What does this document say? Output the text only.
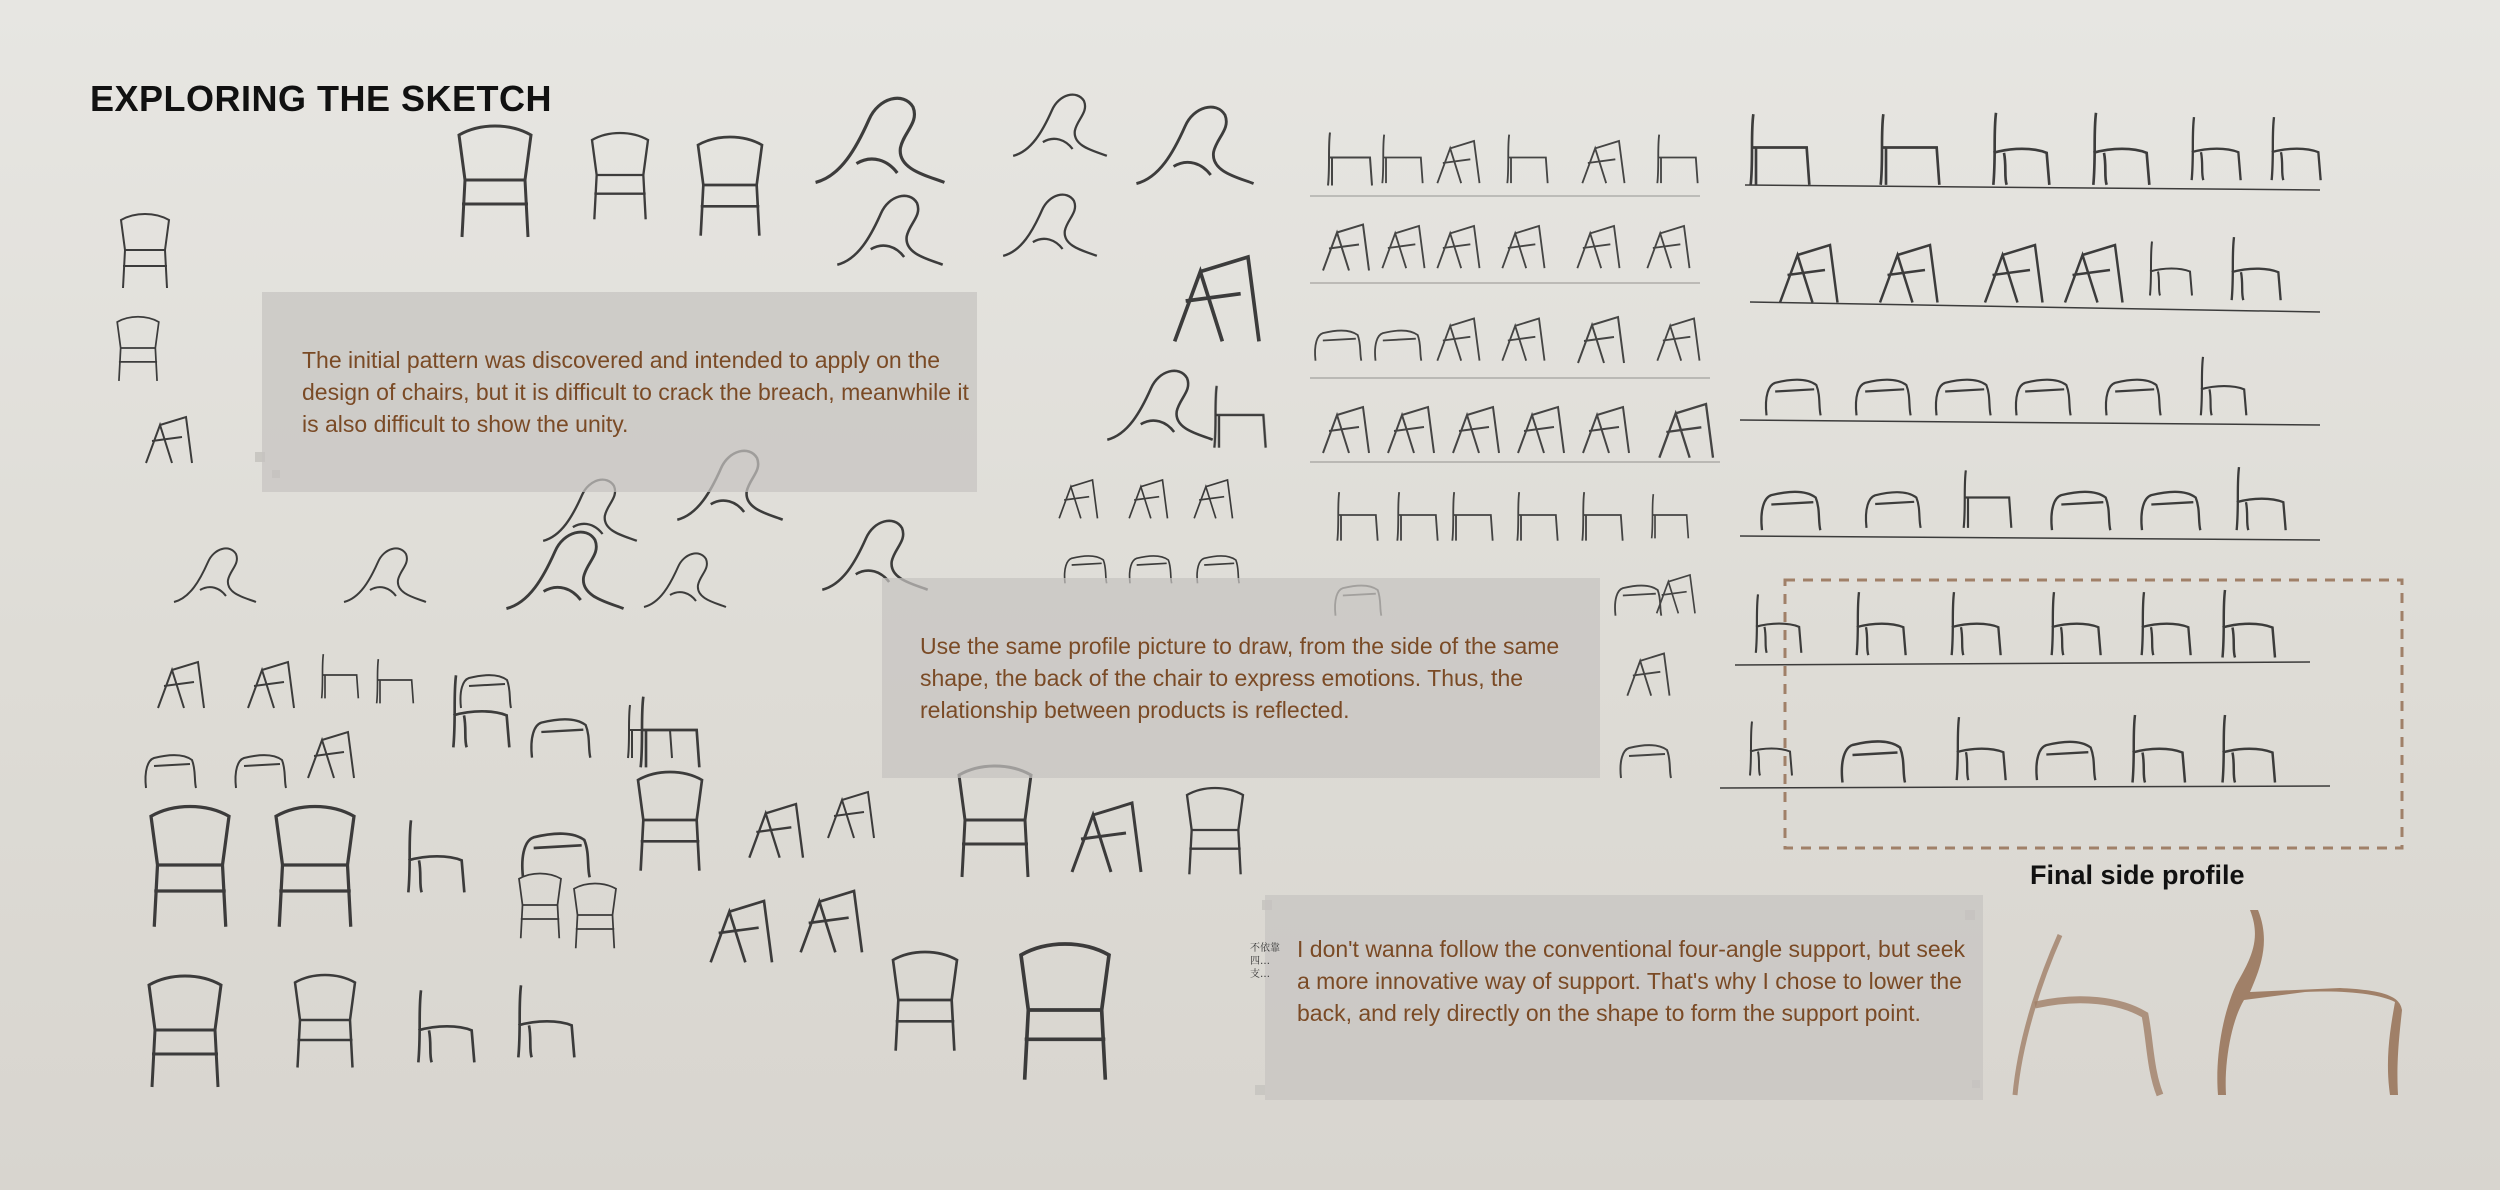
EXPLORING THE SKETCH

The initial pattern was discovered and intended to apply on the design of chairs, but it is difficult to crack the breach, meanwhile it is also difficult to show the unity.

Use the same profile picture to draw, from the side of the same shape, the back of the chair to express emotions. Thus, the relationship between products is reflected.

I don't wanna follow the conventional four-angle support, but seek a more innovative way of support. That's why I chose to lower the back, and rely directly on the shape to form the support point.

不依靠四…支…
Final side profile
